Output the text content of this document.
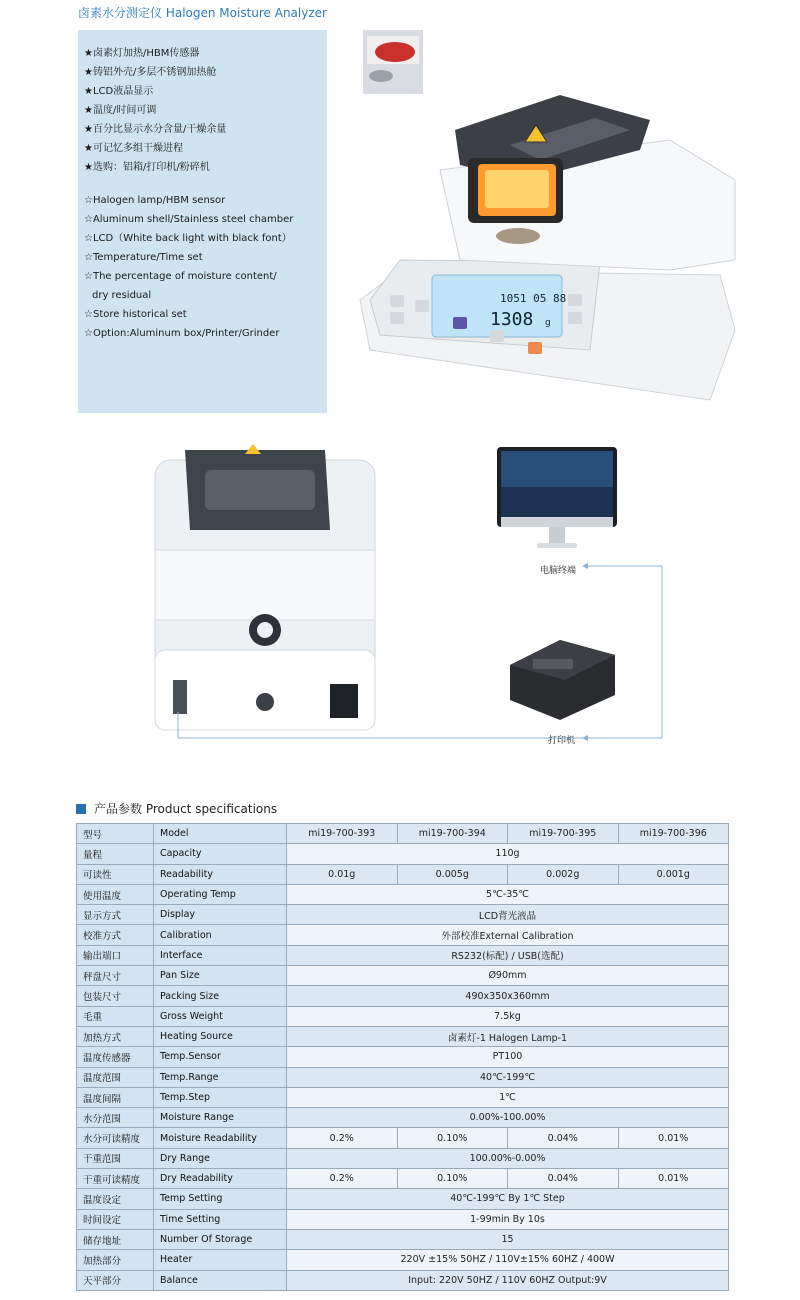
卤素水分测定仪 Halogen Moisture Analyzer
★卤素灯加热/HBM传感器
★铸铝外壳/多层不锈钢加热舱
★LCD液晶显示
★温度/时间可调
★百分比显示水分含量/干燥余量
★可记忆多组干燥进程
★选购：铝箱/打印机/粉碎机
☆Halogen lamp/HBM sensor
☆Aluminum shell/Stainless steel chamber
☆LCD（White back light with black font）
☆Temperature/Time set
☆The percentage of moisture content/
dry residual
☆Store historical set
☆Option:Aluminum box/Printer/Grinder
1051 05 88
1308 g
电脑终端
打印机
产品参数 Product specifications
型号	Model	mi19-700-393	mi19-700-394	mi19-700-395	mi19-700-396
量程	Capacity	110g			
可读性	Readability	0.01g	0.005g	0.002g	0.001g
使用温度	Operating Temp	5℃-35℃			
显示方式	Display	LCD背光液晶			
校准方式	Calibration	外部校准External Calibration			
输出端口	Interface	RS232(标配) / USB(选配)			
秤盘尺寸	Pan Size	Ø90mm			
包装尺寸	Packing Size	490x350x360mm			
毛重	Gross Weight	7.5kg			
加热方式	Heating Source	卤素灯-1 Halogen Lamp-1			
温度传感器	Temp.Sensor	PT100			
温度范围	Temp.Range	40℃-199℃			
温度间隔	Temp.Step	1℃			
水分范围	Moisture Range	0.00%-100.00%			
水分可读精度	Moisture Readability	0.2%	0.10%	0.04%	0.01%
干重范围	Dry Range	100.00%-0.00%			
干重可读精度	Dry Readability	0.2%	0.10%	0.04%	0.01%
温度设定	Temp Setting	40℃-199℃ By 1℃ Step			
时间设定	Time Setting	1-99min By 10s			
储存地址	Number Of Storage	15			
加热部分	Heater	220V ±15% 50HZ / 110V±15% 60HZ / 400W			
天平部分	Balance	Input: 220V 50HZ / 110V 60HZ Output:9V			
